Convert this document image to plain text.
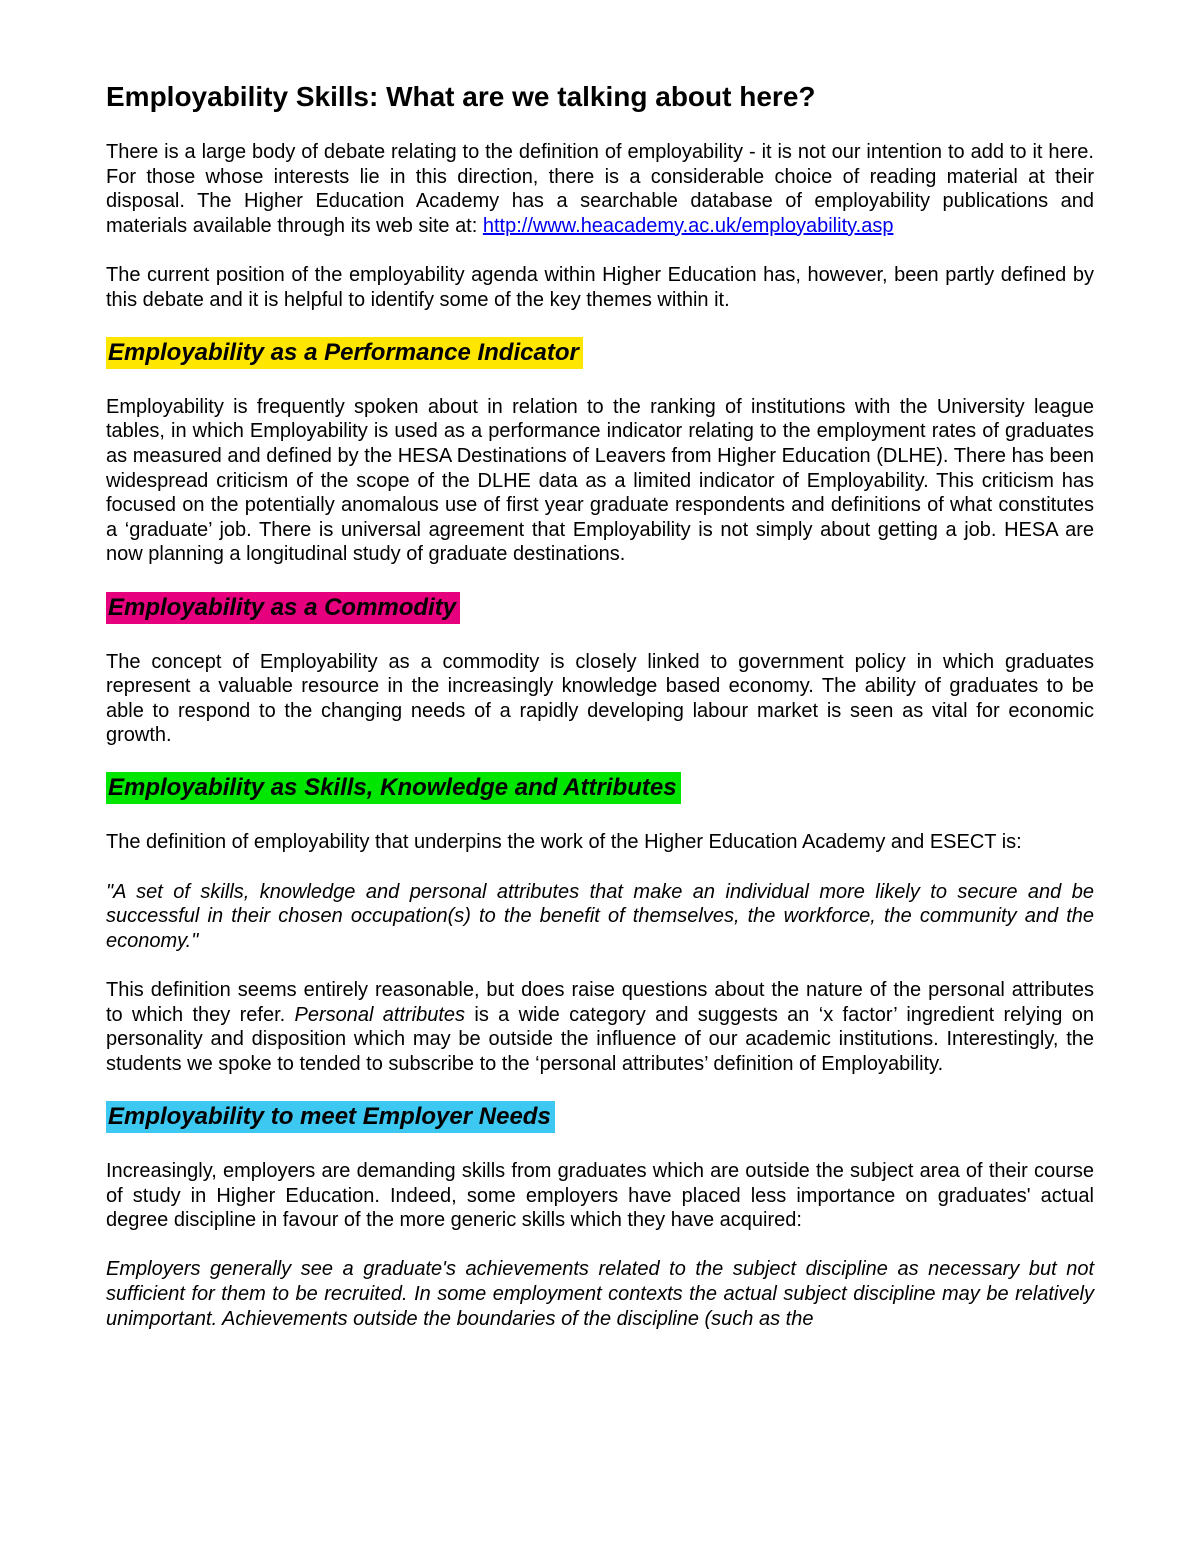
Employability Skills: What are we talking about here?

There is a large body of debate relating to the definition of employability - it is not our intention to add to it here. For those whose interests lie in this direction, there is a considerable choice of reading material at their disposal. The Higher Education Academy has a searchable database of employability publications and materials available through its web site at: http://www.heacademy.ac.uk/employability.asp

The current position of the employability agenda within Higher Education has, however, been partly defined by this debate and it is helpful to identify some of the key themes within it.

Employability as a Performance Indicator

Employability is frequently spoken about in relation to the ranking of institutions with the University league tables, in which Employability is used as a performance indicator relating to the employment rates of graduates as measured and defined by the HESA Destinations of Leavers from Higher Education (DLHE). There has been widespread criticism of the scope of the DLHE data as a limited indicator of Employability. This criticism has focused on the potentially anomalous use of first year graduate respondents and definitions of what constitutes a ‘graduate’ job. There is universal agreement that Employability is not simply about getting a job. HESA are now planning a longitudinal study of graduate destinations.

Employability as a Commodity

The concept of Employability as a commodity is closely linked to government policy in which graduates represent a valuable resource in the increasingly knowledge based economy. The ability of graduates to be able to respond to the changing needs of a rapidly developing labour market is seen as vital for economic growth.

Employability as Skills, Knowledge and Attributes

The definition of employability that underpins the work of the Higher Education Academy and ESECT is:

"A set of skills, knowledge and personal attributes that make an individual more likely to secure and be successful in their chosen occupation(s) to the benefit of themselves, the workforce, the community and the economy."

This definition seems entirely reasonable, but does raise questions about the nature of the personal attributes to which they refer. Personal attributes is a wide category and suggests an ‘x factor’ ingredient relying on personality and disposition which may be outside the influence of our academic institutions. Interestingly, the students we spoke to tended to subscribe to the ‘personal attributes’ definition of Employability.

Employability to meet Employer Needs

Increasingly, employers are demanding skills from graduates which are outside the subject area of their course of study in Higher Education. Indeed, some employers have placed less importance on graduates' actual degree discipline in favour of the more generic skills which they have acquired:

Employers generally see a graduate's achievements related to the subject discipline as necessary but not sufficient for them to be recruited. In some employment contexts the actual subject discipline may be relatively unimportant. Achievements outside the boundaries of the discipline (such as the
